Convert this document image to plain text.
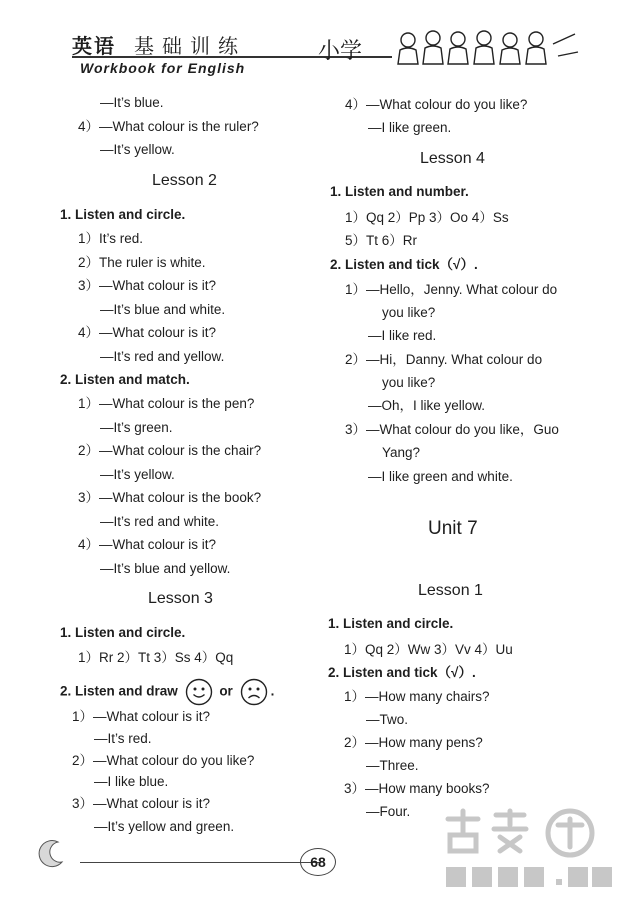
英语 基础训练
Workbook for English
小学
—It’s blue.
4）—What colour is the ruler?
—It’s yellow.
Lesson 2
1. Listen and circle.
1）It’s red.
2）The ruler is white.
3）—What colour is it?
—It’s blue and white.
4）—What colour is it?
—It’s red and yellow.
2. Listen and match.
1）—What colour is the pen?
—It’s green.
2）—What colour is the chair?
—It’s yellow.
3）—What colour is the book?
—It’s red and white.
4）—What colour is it?
—It’s blue and yellow.
Lesson 3
1. Listen and circle.
1）Rr 2）Tt 3）Ss 4）Qq
2. Listen and draw	or	.
1）—What colour is it?
—It’s red.
2）—What colour do you like?
—I like blue.
3）—What colour is it?
—It’s yellow and green.
4）—What colour do you like?
—I like green.
Lesson 4
1. Listen and number.
1）Qq 2）Pp 3）Oo 4）Ss
5）Tt 6）Rr
2. Listen and tick（√）.
1）—Hello，Jenny. What colour do
you like?
—I like red.
2）—Hi，Danny. What colour do
you like?
—Oh，I like yellow.
3）—What colour do you like，Guo
Yang?
—I like green and white.
Unit 7
Lesson 1
1. Listen and circle.
1）Qq 2）Ww 3）Vv 4）Uu
2. Listen and tick（√）.
1）—How many chairs?
—Two.
2）—How many pens?
—Three.
3）—How many books?
—Four.
68
